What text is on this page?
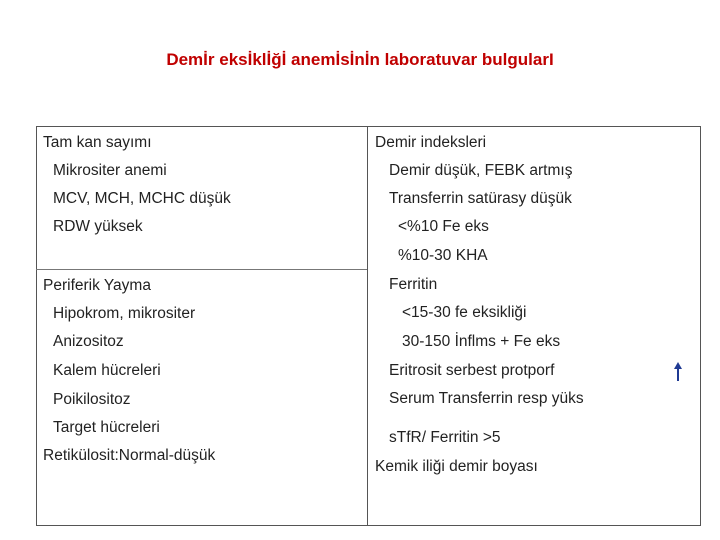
Demİr eksİklİğİ anemİsİnİn laboratuvar bulgularI
Tam kan sayımı
Mikrositer anemi
MCV, MCH, MCHC düşük
RDW yüksek
Periferik Yayma
Hipokrom, mikrositer
Anizositoz
Kalem hücreleri
Poikilositoz
Target hücreleri
Retikülosit:Normal-düşük
Demir indeksleri
Demir düşük, FEBK artmış
Transferrin satürasy düşük
<%10 Fe eks
%10-30 KHA
Ferritin
<15-30 fe eksikliği
30-150 İnflms + Fe eks
Eritrosit serbest protporf
Serum Transferrin resp yüks
sTfR/ Ferritin >5
Kemik iliği demir boyası
